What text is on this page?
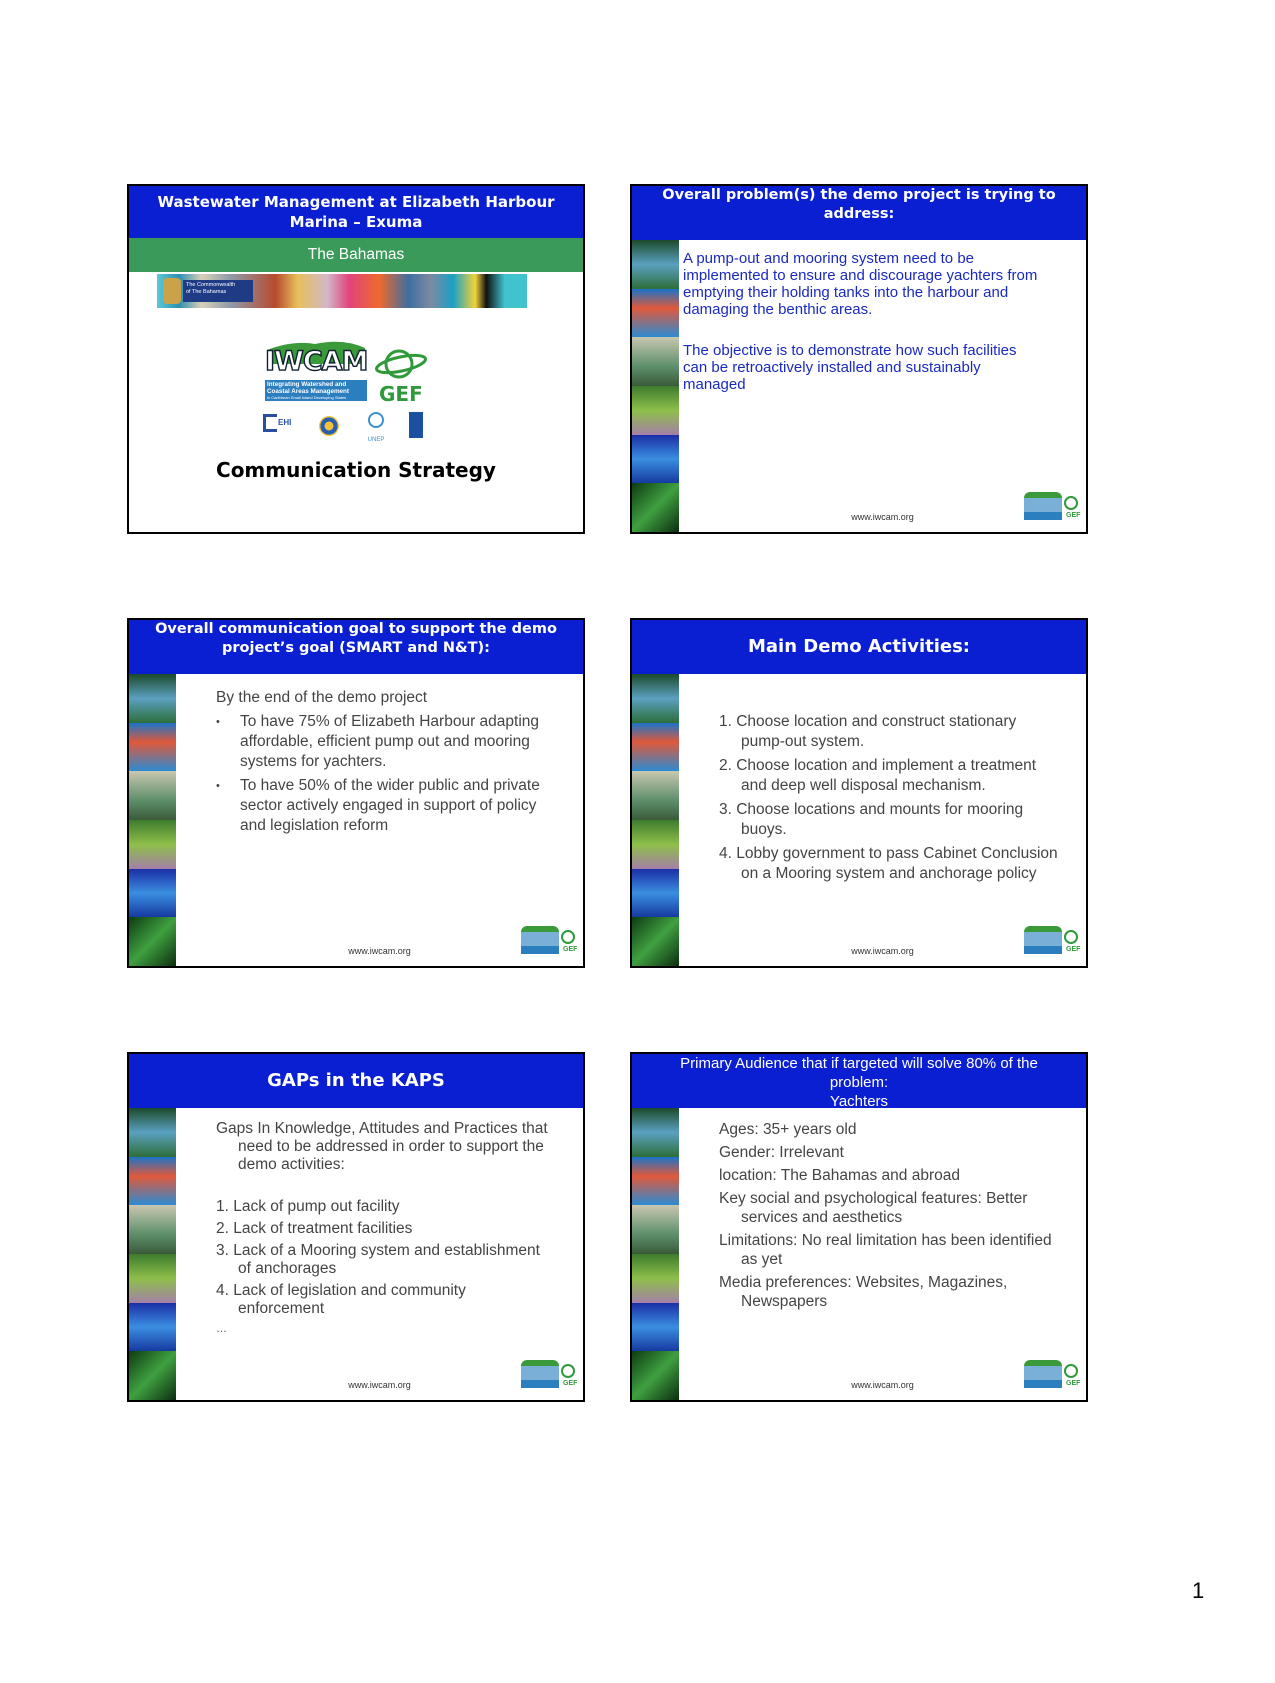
Wastewater Management at Elizabeth Harbour
Marina – Exuma
The Bahamas
The Commonwealth
of The Bahamas
IWCAM
Integrating Watershed and
Coastal Areas Management
in Caribbean Small Island Developing States	GEF
EHI
UNEP
Communication Strategy
Overall problem(s) the demo project is trying to
address:

A pump-out and mooring system need to be implemented to ensure and discourage yachters from emptying their holding tanks into the harbour and damaging the benthic areas.

The objective is to demonstrate how such facilities can be retroactively installed and sustainably managed

www.iwcam.org	GEF
Overall communication goal to support the demo
project’s goal (SMART and N&T):

By the end of the demo project

• To have 75% of Elizabeth Harbour adapting affordable, efficient pump out and mooring systems for yachters.

• To have 50% of the wider public and private sector actively engaged in support of policy and legislation reform

www.iwcam.org	GEF
Main Demo Activities:

1. Choose location and construct stationary pump-out system.

2. Choose location and implement a treatment and deep well disposal mechanism.

3. Choose locations and mounts for mooring buoys.

4. Lobby government to pass Cabinet Conclusion on a Mooring system and anchorage policy

www.iwcam.org	GEF
GAPs in the KAPS

Gaps In Knowledge, Attitudes and Practices that need to be addressed in order to support the demo activities:

1. Lack of pump out facility

2. Lack of treatment facilities

3. Lack of a Mooring system and establishment of anchorages

4. Lack of legislation and community enforcement

…

www.iwcam.org	GEF
Primary Audience that if targeted will solve 80% of the
problem:
Yachters

Ages: 35+ years old

Gender: Irrelevant

location: The Bahamas and abroad

Key social and psychological features: Better services and aesthetics

Limitations: No real limitation has been identified as yet

Media preferences: Websites, Magazines, Newspapers

www.iwcam.org	GEF
1
